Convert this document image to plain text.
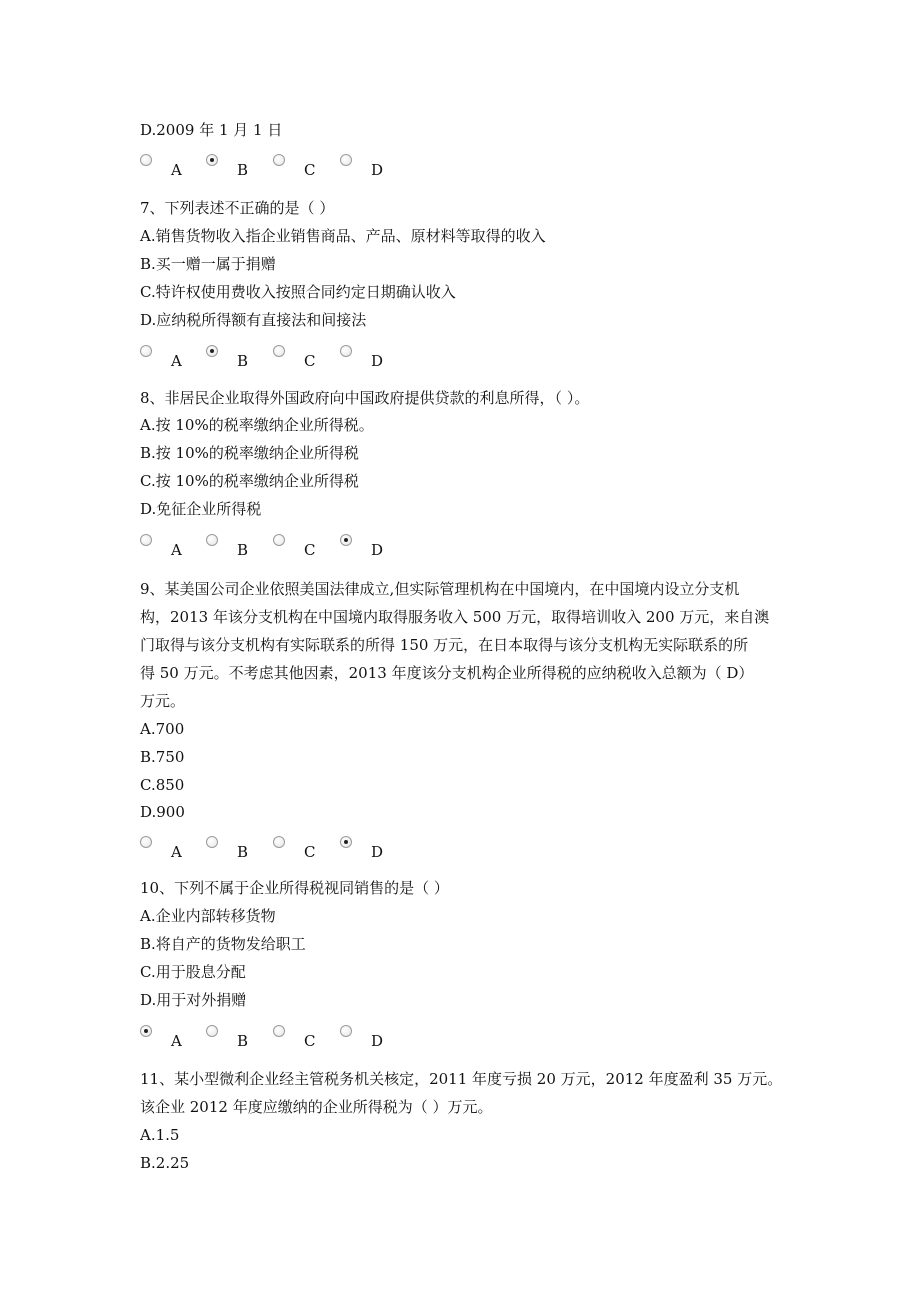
D.2009 年 1 月 1 日
A	B	C	D
7、下列表述不正确的是（ ）
A.销售货物收入指企业销售商品、产品、原材料等取得的收入
B.买一赠一属于捐赠
C.特许权使用费收入按照合同约定日期确认收入
D.应纳税所得额有直接法和间接法
A	B	C	D
8、非居民企业取得外国政府向中国政府提供贷款的利息所得，（ ）。
A.按 10%的税率缴纳企业所得税。
B.按 10%的税率缴纳企业所得税
C.按 10%的税率缴纳企业所得税
D.免征企业所得税
A	B	C	D
9、某美国公司企业依照美国法律成立,但实际管理机构在中国境内，在中国境内设立分支机
构，2013 年该分支机构在中国境内取得服务收入 500 万元，取得培训收入 200 万元，来自澳
门取得与该分支机构有实际联系的所得 150 万元，在日本取得与该分支机构无实际联系的所
得 50 万元。不考虑其他因素，2013 年度该分支机构企业所得税的应纳税收入总额为（ D）
万元。
A.700
B.750
C.850
D.900
A	B	C	D
10、下列不属于企业所得税视同销售的是（ ）
A.企业内部转移货物
B.将自产的货物发给职工
C.用于股息分配
D.用于对外捐赠
A	B	C	D
11、某小型微利企业经主管税务机关核定，2011 年度亏损 20 万元，2012 年度盈利 35 万元。
该企业 2012 年度应缴纳的企业所得税为（ ）万元。
A.1.5
B.2.25
